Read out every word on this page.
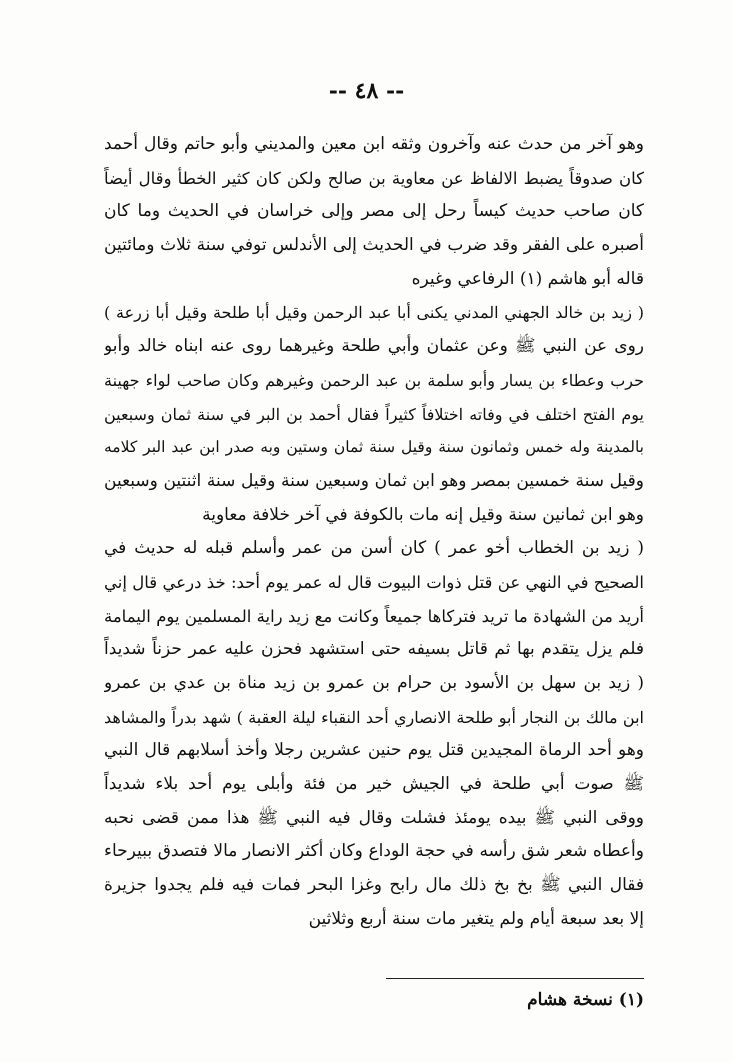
-- ٤٨ --
وهو آخر من حدث عنه وآخرون وثقه ابن معين والمديني وأبو حاتم وقال أحمد
كان صدوقاً يضبط الالفاظ عن معاوية بن صالح ولكن كان كثير الخطأ وقال أيضاً
كان صاحب حديث كيساً رحل إلى مصر وإلى خراسان في الحديث وما كان
أصبره على الفقر وقد ضرب في الحديث إلى الأندلس توفي سنة ثلاث ومائتين
قاله أبو هاشم (١) الرفاعي وغيره
( زيد بن خالد الجهني المدني يكنى أبا عبد الرحمن وقيل أبا طلحة وقيل أبا زرعة )
روى عن النبي ﷺ وعن عثمان وأبي طلحة وغيرهما روى عنه ابناه خالد وأبو
حرب وعطاء بن يسار وأبو سلمة بن عبد الرحمن وغيرهم وكان صاحب لواء جهينة
يوم الفتح اختلف في وفاته اختلافاً كثيراً فقال أحمد بن البر في سنة ثمان وسبعين
بالمدينة وله خمس وثمانون سنة وقيل سنة ثمان وستين وبه صدر ابن عبد البر كلامه
وقيل سنة خمسين بمصر وهو ابن ثمان وسبعين سنة وقيل سنة اثنتين وسبعين
وهو ابن ثمانين سنة وقيل إنه مات بالكوفة في آخر خلافة معاوية
( زيد بن الخطاب أخو عمر ) كان أسن من عمر وأسلم قبله له حديث في
الصحيح في النهي عن قتل ذوات البيوت قال له عمر يوم أحد: خذ درعي قال إني
أريد من الشهادة ما تريد فتركاها جميعاً وكانت مع زيد راية المسلمين يوم اليمامة
فلم يزل يتقدم بها ثم قاتل بسيفه حتى استشهد فحزن عليه عمر حزناً شديداً
( زيد بن سهل بن الأسود بن حرام بن عمرو بن زيد مناة بن عدي بن عمرو
ابن مالك بن النجار أبو طلحة الانصاري أحد النقباء ليلة العقبة ) شهد بدراً والمشاهد
وهو أحد الرماة المجيدين قتل يوم حنين عشرين رجلا وأخذ أسلابهم قال النبي
ﷺ صوت أبي طلحة في الجيش خير من فئة وأبلى يوم أحد بلاء شديداً
ووقى النبي ﷺ بيده يومئذ فشلت وقال فيه النبي ﷺ هذا ممن قضى نحبه
وأعطاه شعر شق رأسه في حجة الوداع وكان أكثر الانصار مالا فتصدق ببيرحاء
فقال النبي ﷺ بخ بخ ذلك مال رابح وغزا البحر فمات فيه فلم يجدوا جزيرة
إلا بعد سبعة أيام ولم يتغير مات سنة أربع وثلاثين
(١) نسخة هشام
